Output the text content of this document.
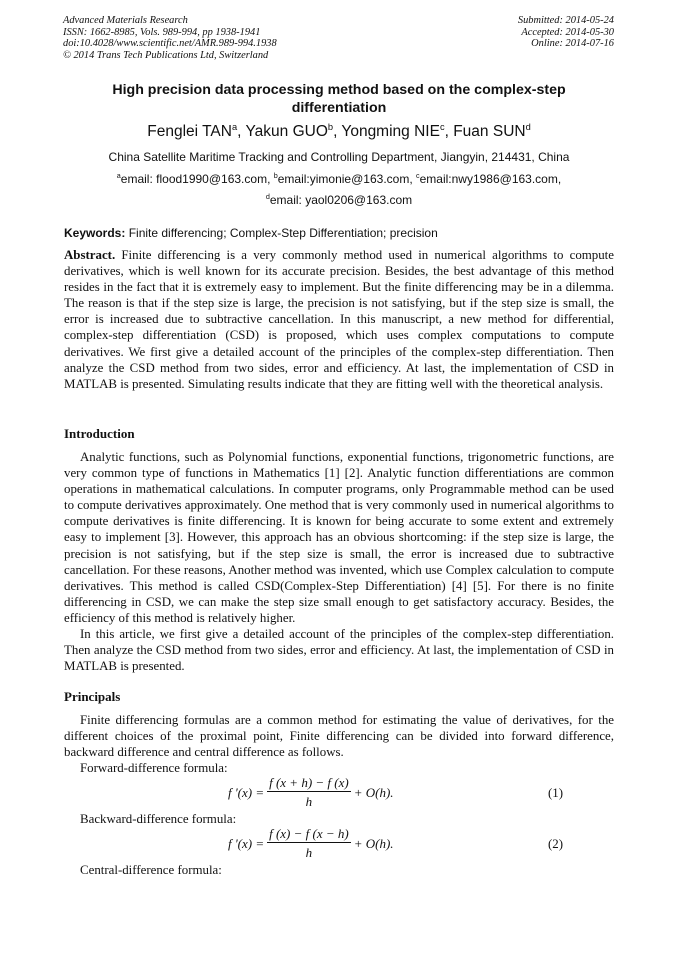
Advanced Materials Research
ISSN: 1662-8985, Vols. 989-994, pp 1938-1941
doi:10.4028/www.scientific.net/AMR.989-994.1938
© 2014 Trans Tech Publications Ltd, Switzerland
Submitted: 2014-05-24
Accepted: 2014-05-30
Online: 2014-07-16
High precision data processing method based on the complex-step differentiation
Fenglei TAN$^a$, Yakun GUO$^b$, Yongming NIE$^c$, Fuan SUN$^d$
China Satellite Maritime Tracking and Controlling Department, Jiangyin, 214431, China
$^a$email: flood1990@163.com, $^b$email:yimonie@163.com, $^c$email:nwy1986@163.com,
$^d$email: yaol0206@163.com
Keywords: Finite differencing; Complex-Step Differentiation; precision
Abstract. Finite differencing is a very commonly method used in numerical algorithms to compute derivatives, which is well known for its accurate precision. Besides, the best advantage of this method resides in the fact that it is extremely easy to implement. But the finite differencing may be in a dilemma. The reason is that if the step size is large, the precision is not satisfying, but if the step size is small, the error is increased due to subtractive cancellation. In this manuscript, a new method for differential, complex-step differentiation (CSD) is proposed, which uses complex computations to compute derivatives. We first give a detailed account of the principles of the complex-step differentiation. Then analyze the CSD method from two sides, error and efficiency. At last, the implementation of CSD in MATLAB is presented. Simulating results indicate that they are fitting well with the theoretical analysis.
Introduction

Analytic functions, such as Polynomial functions, exponential functions, trigonometric functions, are very common type of functions in Mathematics [1] [2]. Analytic function differentiations are common operations in mathematical calculations. In computer programs, only Programmable method can be used to compute derivatives approximately. One method that is very commonly used in numerical algorithms to compute derivatives is finite differencing. It is known for being accurate to some extent and extremely easy to implement [3]. However, this approach has an obvious shortcoming: if the step size is large, the precision is not satisfying, but if the step size is small, the error is increased due to subtractive cancellation. For these reasons, Another method was invented, which use Complex calculation to compute derivatives. This method is called CSD(Complex-Step Differentiation) [4] [5]. For there is no finite differencing in CSD, we can make the step size small enough to get satisfactory accuracy. Besides, the efficiency of this method is relatively higher.

In this article, we first give a detailed account of the principles of the complex-step differentiation. Then analyze the CSD method from two sides, error and efficiency. At last, the implementation of CSD in MATLAB is presented.

Principals

Finite differencing formulas are a common method for estimating the value of derivatives, for the different choices of the proximal point, Finite differencing can be divided into forward difference, backward difference and central difference as follows.

Forward-difference formula:
f '$(x) = \frac{f (x + h) - f (x)}{h} + O(h)$.	(1)
Backward-difference formula:
f '$(x) = \frac{f (x) - f (x - h)}{h} + O(h)$.	(2)
Central-difference formula:
